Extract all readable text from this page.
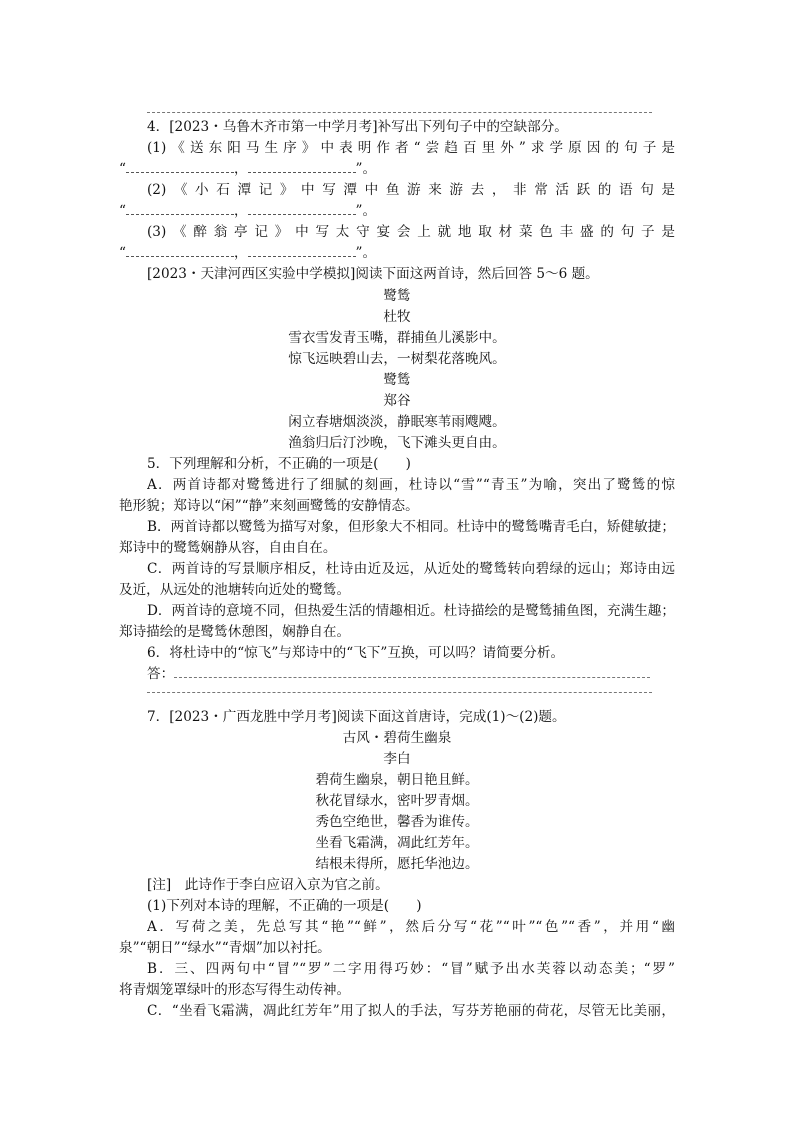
4．[2023・乌鲁木齐市第一中学月考]补写出下列句子中的空缺部分。
(1)《送东阳马生序》中表明作者“尝趋百里外”求学原因的句子是
“	，	”。
(2)《小石潭记》中写潭中鱼游来游去，非常活跃的语句是
“	，	”。
(3)《醉翁亭记》中写太守宴会上就地取材菜色丰盛的句子是
“	，	”。
[2023・天津河西区实验中学模拟]阅读下面这两首诗，然后回答 5～6 题。
鹭鸶
杜牧
雪衣雪发青玉嘴，群捕鱼儿溪影中。
惊飞远映碧山去，一树梨花落晚风。
鹭鸶
郑谷
闲立春塘烟淡淡，静眠寒苇雨飕飕。
渔翁归后汀沙晚，飞下滩头更自由。
5．下列理解和分析，不正确的一项是(　　)
A．两首诗都对鹭鸶进行了细腻的刻画，杜诗以“雪”“青玉”为喻，突出了鹭鸶的惊
艳形貌；郑诗以“闲”“静”来刻画鹭鸶的安静情态。
B．两首诗都以鹭鸶为描写对象，但形象大不相同。杜诗中的鹭鸶嘴青毛白，矫健敏捷；
郑诗中的鹭鸶娴静从容，自由自在。
C．两首诗的写景顺序相反，杜诗由近及远，从近处的鹭鸶转向碧绿的远山；郑诗由远
及近，从远处的池塘转向近处的鹭鸶。
D．两首诗的意境不同，但热爱生活的情趣相近。杜诗描绘的是鹭鸶捕鱼图，充满生趣；
郑诗描绘的是鹭鸶休憩图，娴静自在。
6．将杜诗中的“惊飞”与郑诗中的“飞下”互换，可以吗？请简要分析。
答：
7．[2023・广西龙胜中学月考]阅读下面这首唐诗，完成(1)～(2)题。
古风・碧荷生幽泉
李白
碧荷生幽泉，朝日艳且鲜。
秋花冒绿水，密叶罗青烟。
秀色空绝世，馨香为谁传。
坐看飞霜满，凋此红芳年。
结根未得所，愿托华池边。
[注]　此诗作于李白应诏入京为官之前。
(1)下列对本诗的理解，不正确的一项是(　　)
A．写荷之美，先总写其“艳”“鲜”，然后分写“花”“叶”“色”“香”，并用“幽
泉”“朝日”“绿水”“青烟”加以衬托。
B．三、四两句中“冒”“罗”二字用得巧妙：“冒”赋予出水芙蓉以动态美；“罗”
将青烟笼罩绿叶的形态写得生动传神。
C．“坐看飞霜满，凋此红芳年”用了拟人的手法，写芬芳艳丽的荷花，尽管无比美丽，
